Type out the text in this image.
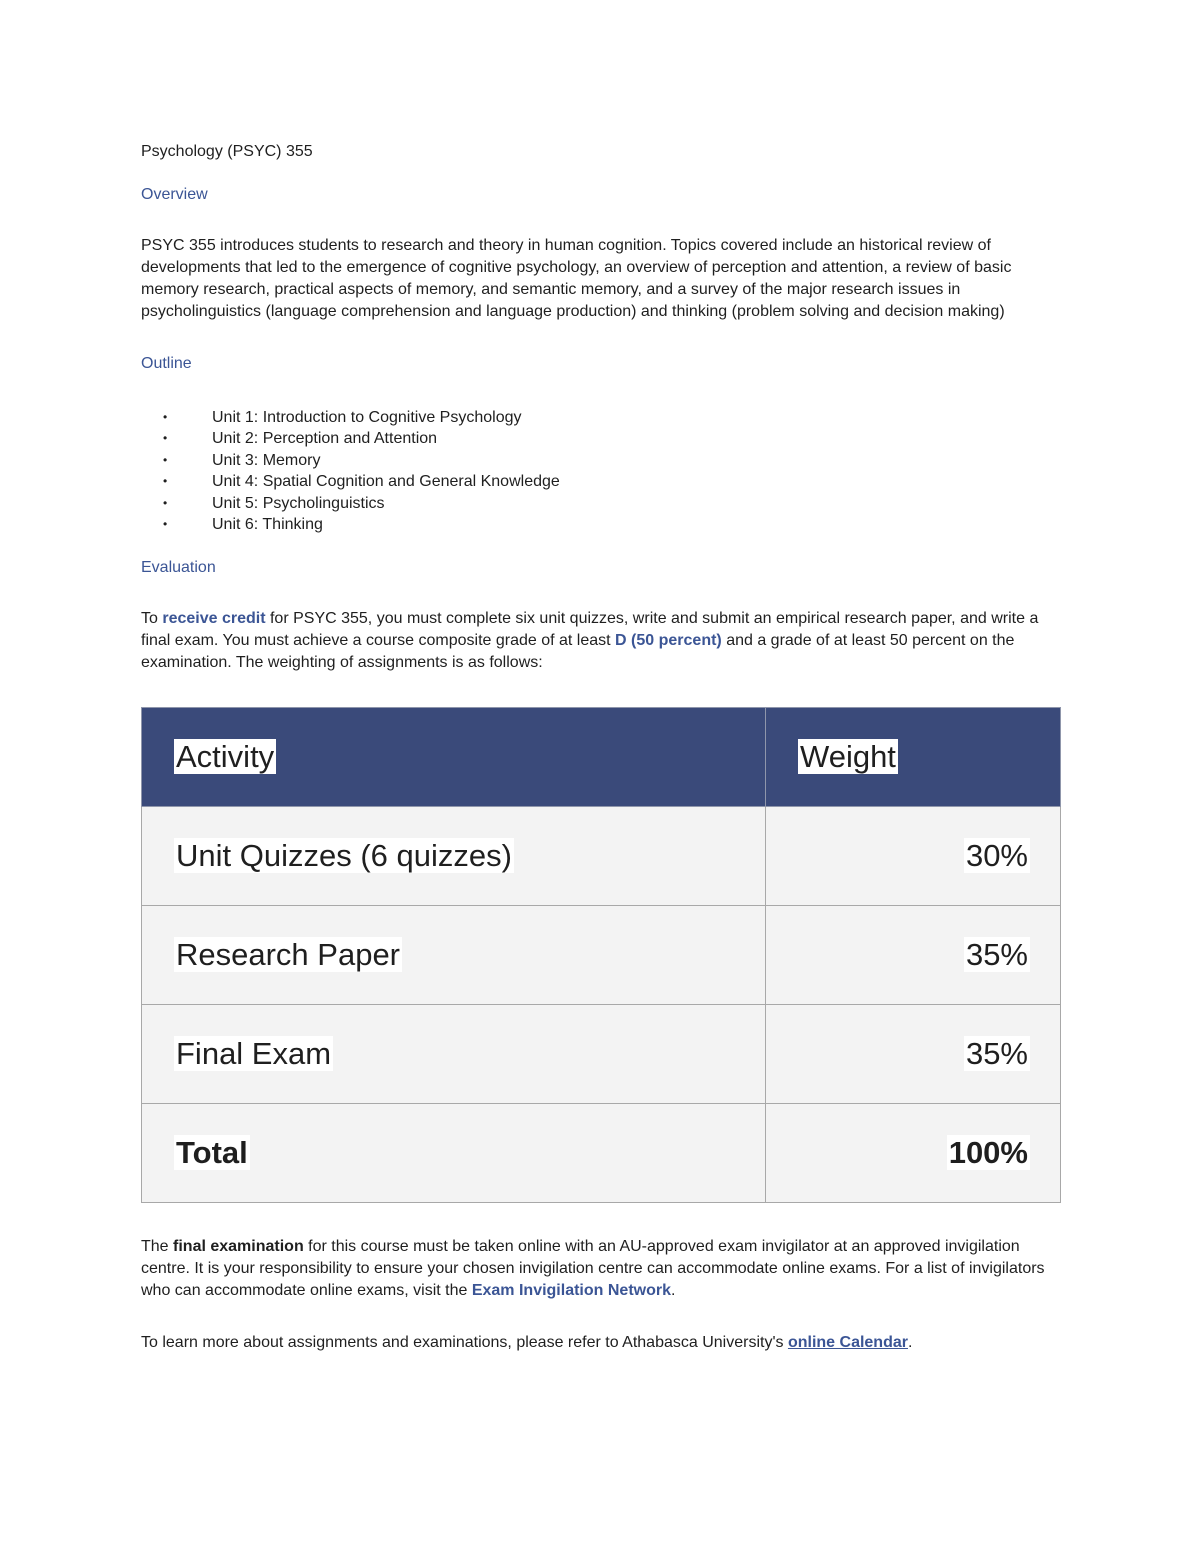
Psychology (PSYC) 355
Overview

PSYC 355 introduces students to research and theory in human cognition. Topics covered include an historical review of developments that led to the emergence of cognitive psychology, an overview of perception and attention, a review of basic memory research, practical aspects of memory, and semantic memory, and a survey of the major research issues in psycholinguistics (language comprehension and language production) and thinking (problem solving and decision making)

Outline
•	Unit 1: Introduction to Cognitive Psychology
•	Unit 2: Perception and Attention
•	Unit 3: Memory
•	Unit 4: Spatial Cognition and General Knowledge
•	Unit 5: Psycholinguistics
•	Unit 6: Thinking
Evaluation

To receive credit for PSYC 355, you must complete six unit quizzes, write and submit an empirical research paper, and write a final exam. You must achieve a course composite grade of at least D (50 percent) and a grade of at least 50 percent on the examination. The weighting of assignments is as follows:

Activity	Weight
Unit Quizzes (6 quizzes)	30%
Research Paper	35%
Final Exam	35%
Total	100%

The final examination for this course must be taken online with an AU-approved exam invigilator at an approved invigilation centre. It is your responsibility to ensure your chosen invigilation centre can accommodate online exams. For a list of invigilators who can accommodate online exams, visit the Exam Invigilation Network.

To learn more about assignments and examinations, please refer to Athabasca University's online Calendar.
